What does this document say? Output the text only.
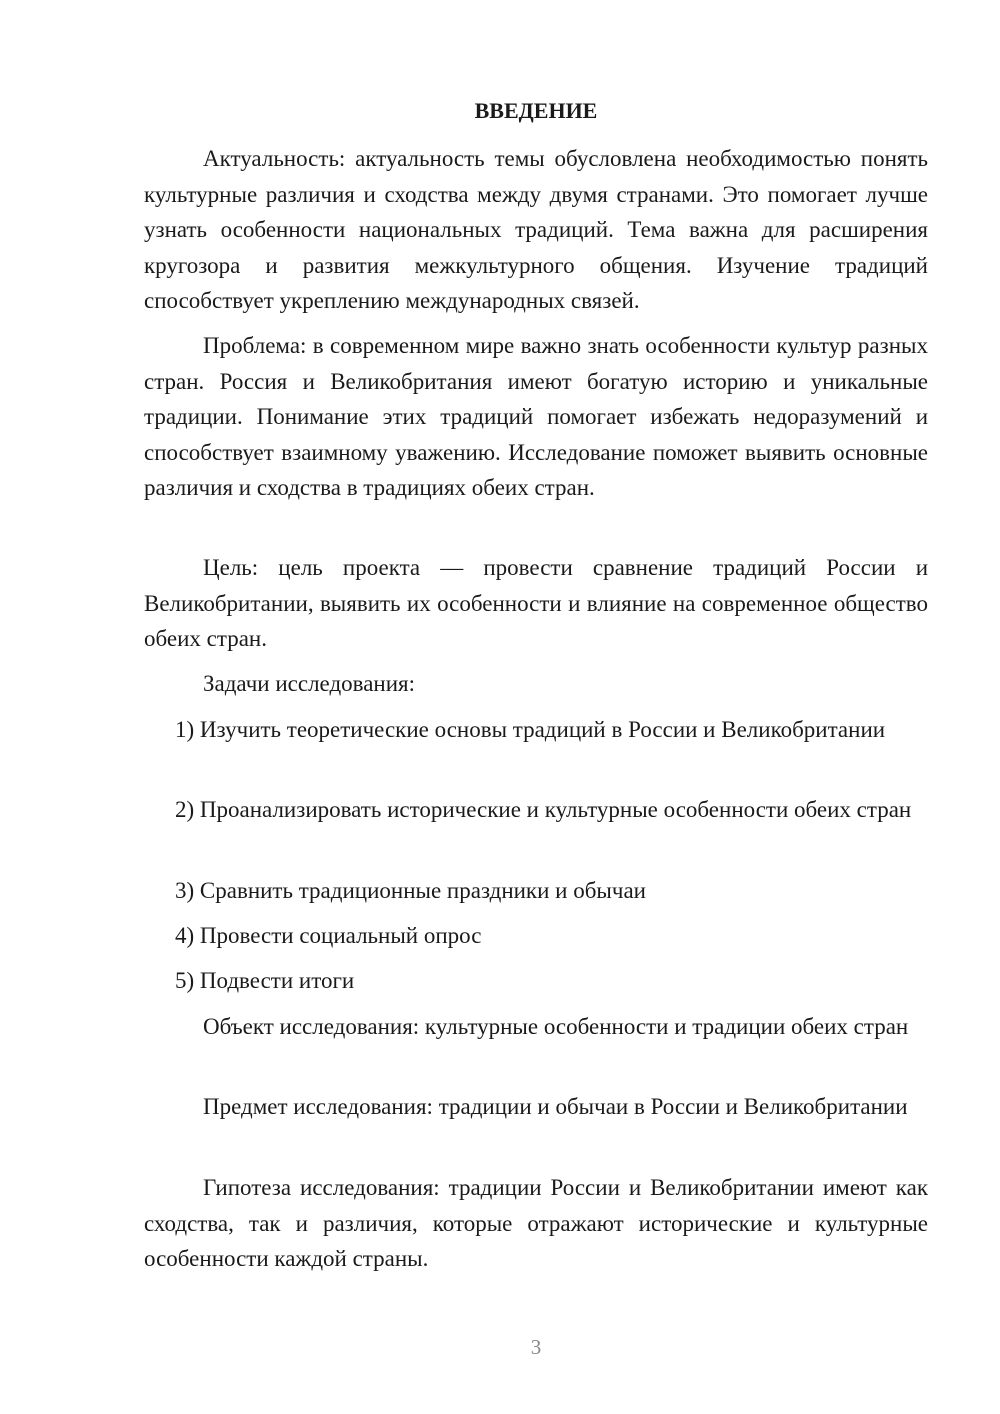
ВВЕДЕНИЕ

Актуальность: актуальность темы обусловлена необходимостью понять культурные различия и сходства между двумя странами. Это помогает лучше узнать особенности национальных традиций. Тема важна для расширения кругозора и развития межкультурного общения. Изучение традиций способствует укреплению международных связей.

Проблема: в современном мире важно знать особенности культур разных стран. Россия и Великобритания имеют богатую историю и уникальные традиции. Понимание этих традиций помогает избежать недоразумений и способствует взаимному уважению. Исследование поможет выявить основные различия и сходства в традициях обеих стран.

Цель: цель проекта — провести сравнение традиций России и Великобритании, выявить их особенности и влияние на современное общество обеих стран.

Задачи исследования:

1) Изучить теоретические основы традиций в России и Великобритании

2) Проанализировать исторические и культурные особенности обеих стран

3) Сравнить традиционные праздники и обычаи

4) Провести социальный опрос

5) Подвести итоги

Объект исследования: культурные особенности и традиции обеих стран

Предмет исследования: традиции и обычаи в России и Великобритании

Гипотеза исследования: традиции России и Великобритании имеют как сходства, так и различия, которые отражают исторические и культурные особенности каждой страны.

3
